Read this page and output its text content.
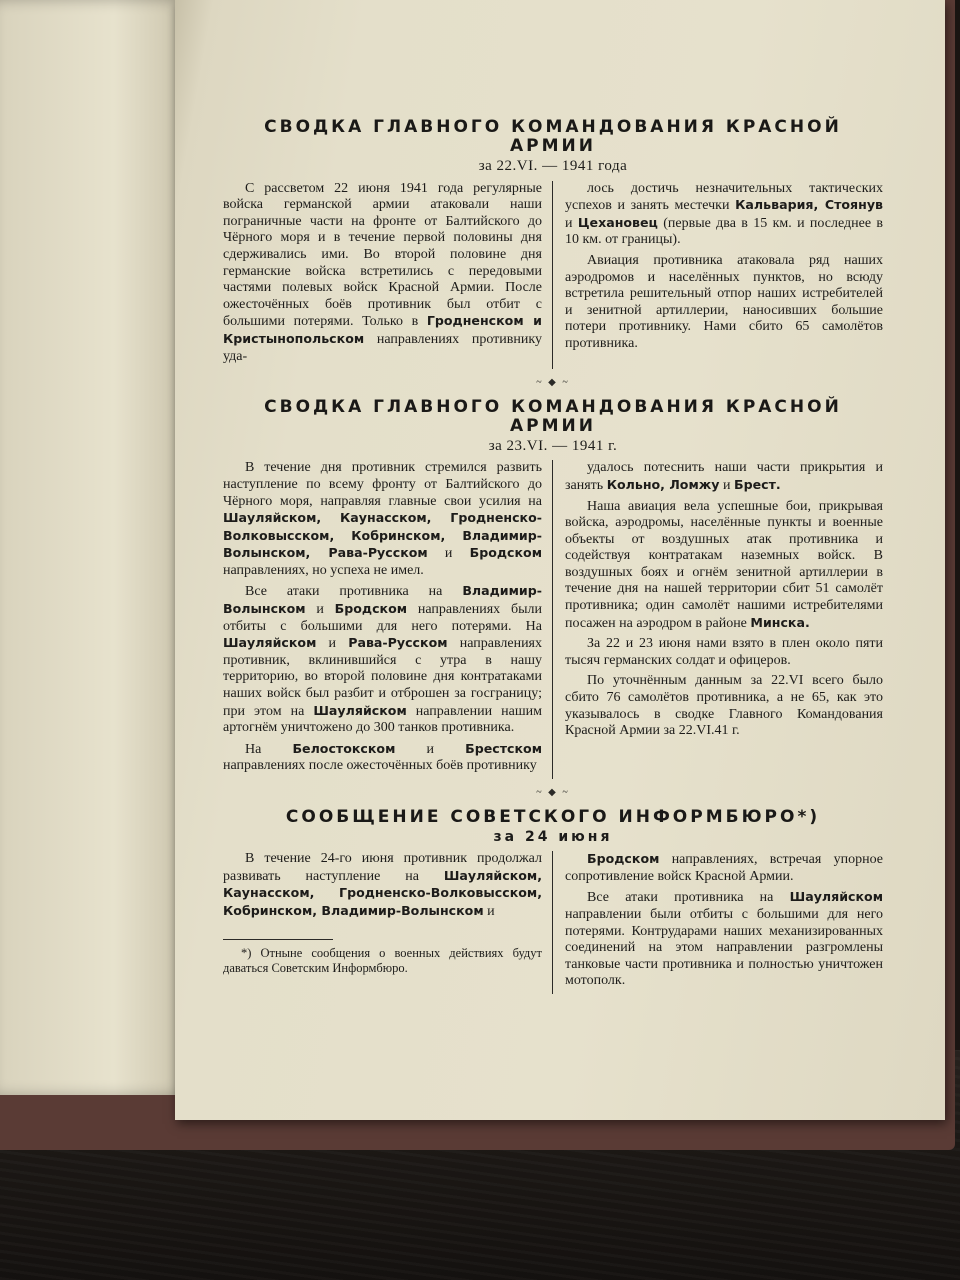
СВОДКА ГЛАВНОГО КОМАНДОВАНИЯ КРАСНОЙ АРМИИ
за 22.VI. — 1941 года

С рассветом 22 июня 1941 года регулярные войска германской армии атаковали наши пограничные части на фронте от Балтийского до Чёрного моря и в течение первой половины дня сдерживались ими. Во второй половине дня германские войска встретились с передовыми частями полевых войск Красной Армии. После ожесточённых боёв противник был отбит с большими потерями. Только в Гродненском и Кристынопольском направлениях противнику уда-

лось достичь незначительных тактических успехов и занять местечки Кальвария, Стоянув и Цехановец (первые два в 15 км. и последнее в 10 км. от границы).

Авиация противника атаковала ряд наших аэродромов и населённых пунктов, но всюду встретила решительный отпор наших истребителей и зенитной артиллерии, наносивших большие потери противнику. Нами сбито 65 самолётов противника.

~ ◆ ~
СВОДКА ГЛАВНОГО КОМАНДОВАНИЯ КРАСНОЙ АРМИИ
за 23.VI. — 1941 г.

В течение дня противник стремился развить наступление по всему фронту от Балтийского до Чёрного моря, направляя главные свои усилия на Шауляйском, Каунасском, Гродненско-Волковысском, Кобринском, Владимир-Волынском, Рава-Русском и Бродском направлениях, но успеха не имел.

Все атаки противника на Владимир-Волынском и Бродском направлениях были отбиты с большими для него потерями. На Шауляйском и Рава-Русском направлениях противник, вклинившийся с утра в нашу территорию, во второй половине дня контратаками наших войск был разбит и отброшен за госграницу; при этом на Шауляйском направлении нашим артогнём уничтожено до 300 танков противника.

На Белостокском и Брестском направлениях после ожесточённых боёв противнику

удалось потеснить наши части прикрытия и занять Кольно, Ломжу и Брест.

Наша авиация вела успешные бои, прикрывая войска, аэродромы, населённые пункты и военные объекты от воздушных атак противника и содействуя контратакам наземных войск. В воздушных боях и огнём зенитной артиллерии в течение дня на нашей территории сбит 51 самолёт противника; один самолёт нашими истребителями посажен на аэродром в районе Минска.

За 22 и 23 июня нами взято в плен около пяти тысяч германских солдат и офицеров.

По уточнённым данным за 22.VI всего было сбито 76 самолётов противника, а не 65, как это указывалось в сводке Главного Командования Красной Армии за 22.VI.41 г.

~ ◆ ~
СООБЩЕНИЕ СОВЕТСКОГО ИНФОРМБЮРО*)
за 24 июня

В течение 24-го июня противник продолжал развивать наступление на Шауляйском, Каунасском, Гродненско-Волковысском, Кобринском, Владимир-Волынском и

*) Отныне сообщения о военных действиях будут даваться Советским Информбюро.

Бродском направлениях, встречая упорное сопротивление войск Красной Армии.

Все атаки противника на Шауляйском направлении были отбиты с большими для него потерями. Контрударами наших механизированных соединений на этом направлении разгромлены танковые части противника и полностью уничтожен мотополк.
